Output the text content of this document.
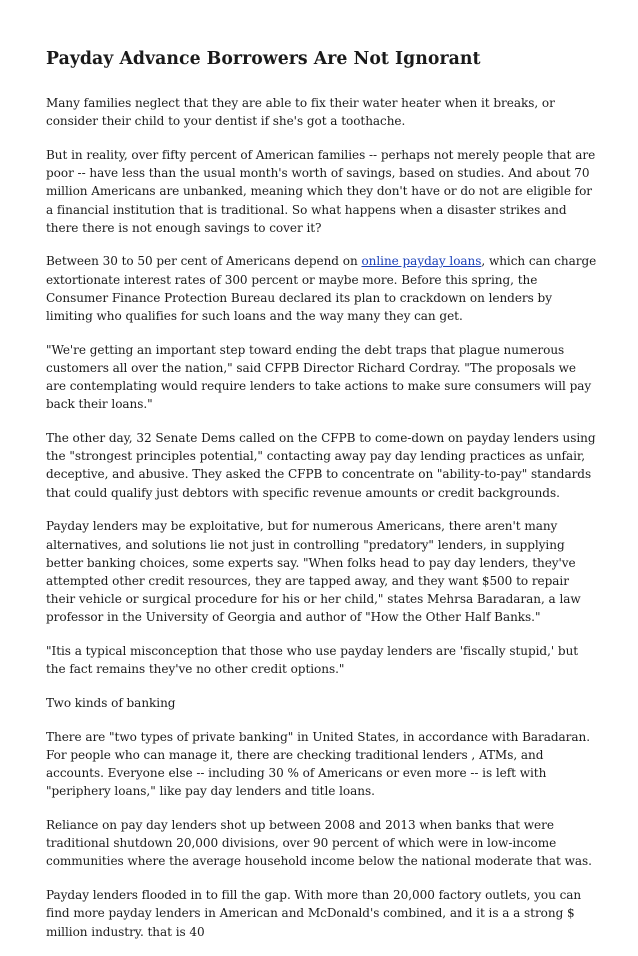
Payday Advance Borrowers Are Not Ignorant

Many families neglect that they are able to fix their water heater when it breaks, or consider their child to your dentist if she's got a toothache.

But in reality, over fifty percent of American families -- perhaps not merely people that are poor -- have less than the usual month's worth of savings, based on studies. And about 70 million Americans are unbanked, meaning which they don't have or do not are eligible for a financial institution that is traditional. So what happens when a disaster strikes and there there is not enough savings to cover it?

Between 30 to 50 per cent of Americans depend on online payday loans, which can charge extortionate interest rates of 300 percent or maybe more. Before this spring, the Consumer Finance Protection Bureau declared its plan to crackdown on lenders by limiting who qualifies for such loans and the way many they can get.

"We're getting an important step toward ending the debt traps that plague numerous customers all over the nation," said CFPB Director Richard Cordray. "The proposals we are contemplating would require lenders to take actions to make sure consumers will pay back their loans."

The other day, 32 Senate Dems called on the CFPB to come-down on payday lenders using the "strongest principles potential," contacting away pay day lending practices as unfair, deceptive, and abusive. They asked the CFPB to concentrate on "ability-to-pay" standards that could qualify just debtors with specific revenue amounts or credit backgrounds.

Payday lenders may be exploitative, but for numerous Americans, there aren't many alternatives, and solutions lie not just in controlling "predatory" lenders, in supplying better banking choices, some experts say. "When folks head to pay day lenders, they've attempted other credit resources, they are tapped away, and they want $500 to repair their vehicle or surgical procedure for his or her child," states Mehrsa Baradaran, a law professor in the University of Georgia and author of "How the Other Half Banks."

"Itis a typical misconception that those who use payday lenders are 'fiscally stupid,' but the fact remains they've no other credit options."

Two kinds of banking

There are "two types of private banking" in United States, in accordance with Baradaran. For people who can manage it, there are checking traditional lenders , ATMs, and accounts. Everyone else -- including 30 % of Americans or even more -- is left with "periphery loans," like pay day lenders and title loans.

Reliance on pay day lenders shot up between 2008 and 2013 when banks that were traditional shutdown 20,000 divisions, over 90 percent of which were in low-income communities where the average household income below the national moderate that was.

Payday lenders flooded in to fill the gap. With more than 20,000 factory outlets, you can find more payday lenders in American and McDonald's combined, and it is a a strong $ million industry. that is 40
